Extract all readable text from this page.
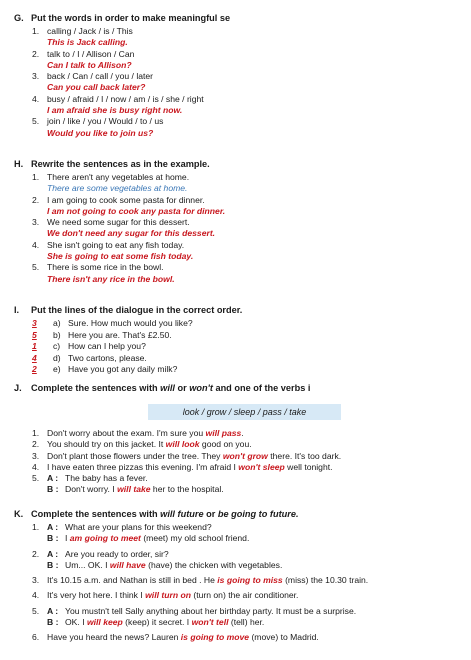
G. Put the words in order to make meaningful se
1. calling / Jack / is / This
This is Jack calling.
2. talk to / I / Allison / Can
Can I talk to Allison?
3. back / Can / call / you / later
Can you call back later?
4. busy / afraid / I / now / am / is / she / right
I am afraid she is busy right now.
5. join / like / you / Would / to / us
Would you like to join us?
H. Rewrite the sentences as in the example.
1. There aren't any vegetables at home.
There are some vegetables at home.
2. I am going to cook some pasta for dinner.
I am not going to cook any pasta for dinner.
3. We need some sugar for this dessert.
We don't need any sugar for this dessert.
4. She isn't going to eat any fish today.
She is going to eat some fish today.
5. There is some rice in the bowl.
There isn't any rice in the bowl.
I. Put the lines of the dialogue in the correct order.
3 a) Sure. How much would you like?
5 b) Here you are. That's £2.50.
1 c) How can I help you?
4 d) Two cartons, please.
2 e) Have you got any daily milk?
J. Complete the sentences with will or won't and one of the verbs i
look / grow / sleep / pass / take
1. Don't worry about the exam. I'm sure you will pass.
2. You should try on this jacket. It will look good on you.
3. Don't plant those flowers under the tree. They won't grow there. It's too dark.
4. I have eaten three pizzas this evening. I'm afraid I won't sleep well tonight.
5. A : The baby has a fever.
B : Don't worry. I will take her to the hospital.
K. Complete the sentences with will future or be going to future.
1. A : What are your plans for this weekend?
B : I am going to meet (meet) my old school friend.
2. A : Are you ready to order, sir?
B : Um... OK. I will have (have) the chicken with vegetables.
3. It's 10.15 a.m. and Nathan is still in bed . He is going to miss (miss) the 10.30 train.
4. It's very hot here. I think I will turn on (turn on) the air conditioner.
5. A : You mustn't tell Sally anything about her birthday party. It must be a surprise.
B : OK. I will keep (keep) it secret. I won't tell (tell) her.
6. Have you heard the news? Lauren is going to move (move) to Madrid.
